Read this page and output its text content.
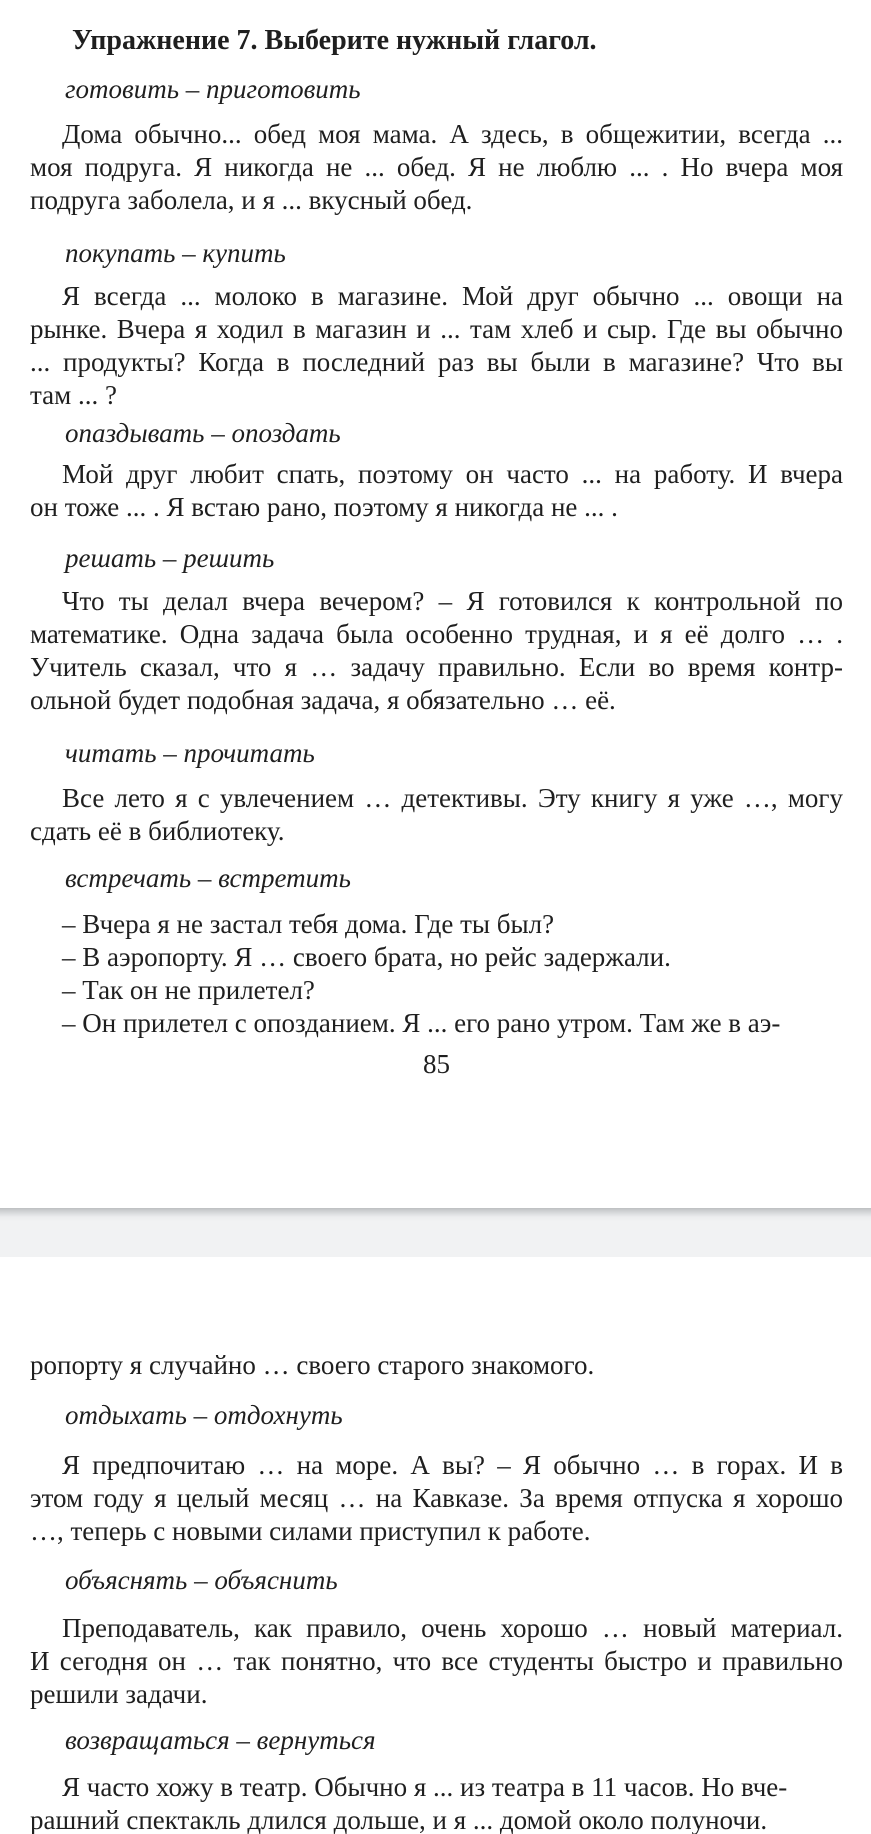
Упражнение 7. Выберите нужный глагол.
готовить – приготовить
Дома обычно... обед моя мама. А здесь, в общежитии, всегда ...
моя подруга. Я никогда не ... обед. Я не люблю ... . Но вчера моя
подруга заболела, и я ... вкусный обед.
покупать – купить
Я всегда ... молоко в магазине. Мой друг обычно ... овощи на
рынке. Вчера я ходил в магазин и ... там хлеб и сыр. Где вы обычно
... продукты? Когда в последний раз вы были в магазине? Что вы
там ... ?
опаздывать – опоздать
Мой друг любит спать, поэтому он часто ... на работу. И вчера
он тоже ... . Я встаю рано, поэтому я никогда не ... .
решать – решить
Что ты делал вчера вечером? – Я готовился к контрольной по
математике. Одна задача была особенно трудная, и я её долго … .
Учитель сказал, что я … задачу правильно. Если во время контр-
ольной будет подобная задача, я обязательно … её.
читать – прочитать
Все лето я с увлечением … детективы. Эту книгу я уже …, могу
сдать её в библиотеку.
встречать – встретить
– Вчера я не застал тебя дома. Где ты был?
– В аэропорту. Я … своего брата, но рейс задержали.
– Так он не прилетел?
– Он прилетел с опозданием. Я ... его рано утром. Там же в аэ-
85
ропорту я случайно … своего старого знакомого.
отдыхать – отдохнуть
Я предпочитаю … на море. А вы? – Я обычно … в горах. И в
этом году я целый месяц … на Кавказе. За время отпуска я хорошо
…, теперь с новыми силами приступил к работе.
объяснять – объяснить
Преподаватель, как правило, очень хорошо … новый материал.
И сегодня он … так понятно, что все студенты быстро и правильно
решили задачи.
возвращаться – вернуться
Я часто хожу в театр. Обычно я ... из театра в 11 часов. Но вче-
рашний спектакль длился дольше, и я ... домой около полуночи.
